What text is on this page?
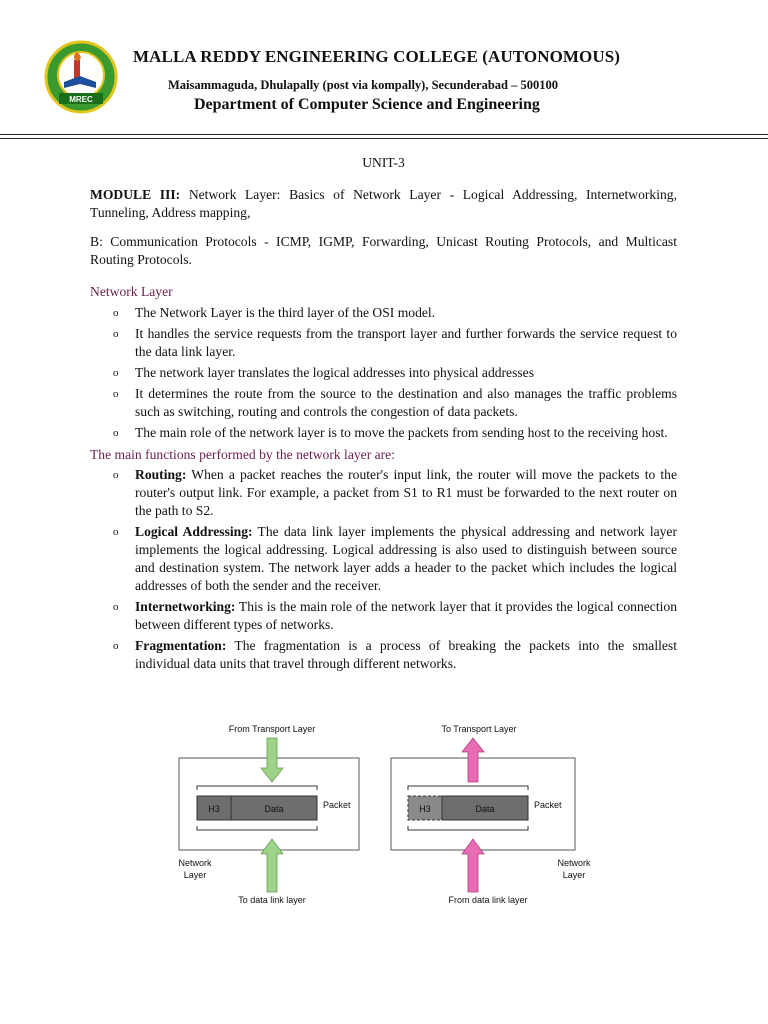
MREC
MALLA REDDY ENGINEERING COLLEGE (AUTONOMOUS)
Maisammaguda, Dhulapally (post via kompally), Secunderabad – 500100
Department of Computer Science and Engineering
UNIT-3

MODULE III: Network Layer: Basics of Network Layer - Logical Addressing, Internetworking, Tunneling, Address mapping,

B: Communication Protocols - ICMP, IGMP, Forwarding, Unicast Routing Protocols, and Multicast Routing Protocols.

Network Layer
o The Network Layer is the third layer of the OSI model.
o It handles the service requests from the transport layer and further forwards the service request to the data link layer.
o The network layer translates the logical addresses into physical addresses
o It determines the route from the source to the destination and also manages the traffic problems such as switching, routing and controls the congestion of data packets.
o The main role of the network layer is to move the packets from sending host to the receiving host.
The main functions performed by the network layer are:
o Routing: When a packet reaches the router's input link, the router will move the packets to the router's output link. For example, a packet from S1 to R1 must be forwarded to the next router on the path to S2.
o Logical Addressing: The data link layer implements the physical addressing and network layer implements the logical addressing. Logical addressing is also used to distinguish between source and destination system. The network layer adds a header to the packet which includes the logical addresses of both the sender and the receiver.
o Internetworking: This is the main role of the network layer that it provides the logical connection between different types of networks.
o Fragmentation: The fragmentation is a process of breaking the packets into the smallest individual data units that travel through different networks.
From Transport Layer
H3	Data	Packet
Network
Layer
To data link layer
To Transport Layer
H3	Data	Packet
Network
Layer
From data link layer
